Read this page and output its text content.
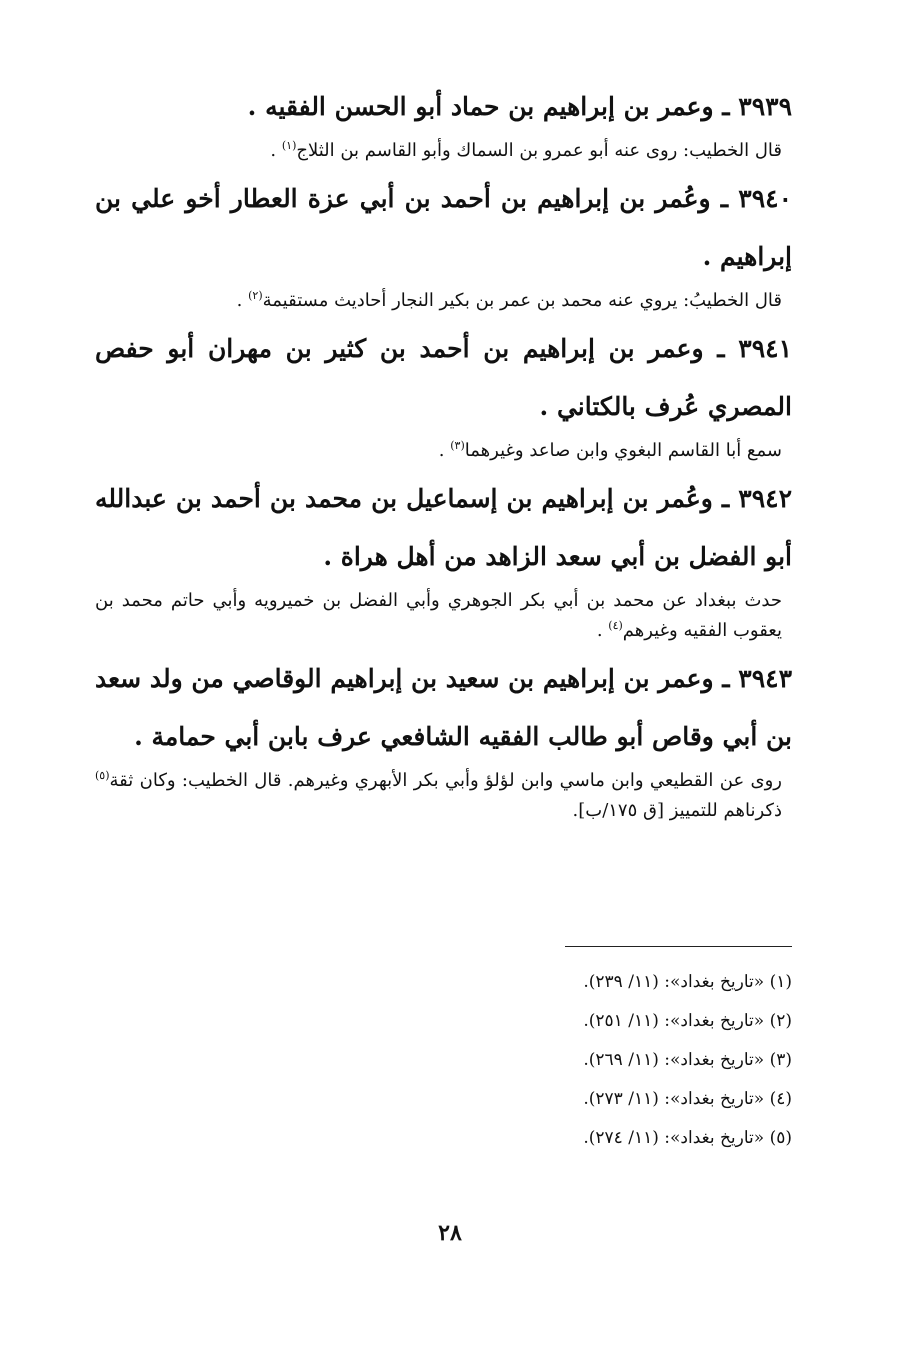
٣٩٣٩ ـ وعمر بن إبراهيم بن حماد أبو الحسن الفقيه .

قال الخطيب: روى عنه أبو عمرو بن السماك وأبو القاسم بن الثلاج$^{(١)}$ .

٣٩٤٠ ـ وعُمر بن إبراهيم بن أحمد بن أبي عزة العطار أخو علي بن إبراهيم .

قال الخطيبُ: يروي عنه محمد بن عمر بن بكير النجار أحاديث مستقيمة$^{(٢)}$ .

٣٩٤١ ـ وعمر بن إبراهيم بن أحمد بن كثير بن مهران أبو حفص المصري عُرف بالكتاني .

سمع أبا القاسم البغوي وابن صاعد وغيرهما$^{(٣)}$ .

٣٩٤٢ ـ وعُمر بن إبراهيم بن إسماعيل بن محمد بن أحمد بن عبدالله أبو الفضل بن أبي سعد الزاهد من أهل هراة .

حدث ببغداد عن محمد بن أبي بكر الجوهري وأبي الفضل بن خميرويه وأبي حاتم محمد بن يعقوب الفقيه وغيرهم$^{(٤)}$ .

٣٩٤٣ ـ وعمر بن إبراهيم بن سعيد بن إبراهيم الوقاصي من ولد سعد بن أبي وقاص أبو طالب الفقيه الشافعي عرف بابن أبي حمامة .

روى عن القطيعي وابن ماسي وابن لؤلؤ وأبي بكر الأبهري وغيرهم. قال الخطيب: وكان ثقة$^{(٥)}$ ذكرناهم للتمييز [ق ١٧٥/ب].

(١) «تاريخ بغداد»: (١١/ ٢٣٩).

(٢) «تاريخ بغداد»: (١١/ ٢٥١).

(٣) «تاريخ بغداد»: (١١/ ٢٦٩).

(٤) «تاريخ بغداد»: (١١/ ٢٧٣).

(٥) «تاريخ بغداد»: (١١/ ٢٧٤).

٢٨
